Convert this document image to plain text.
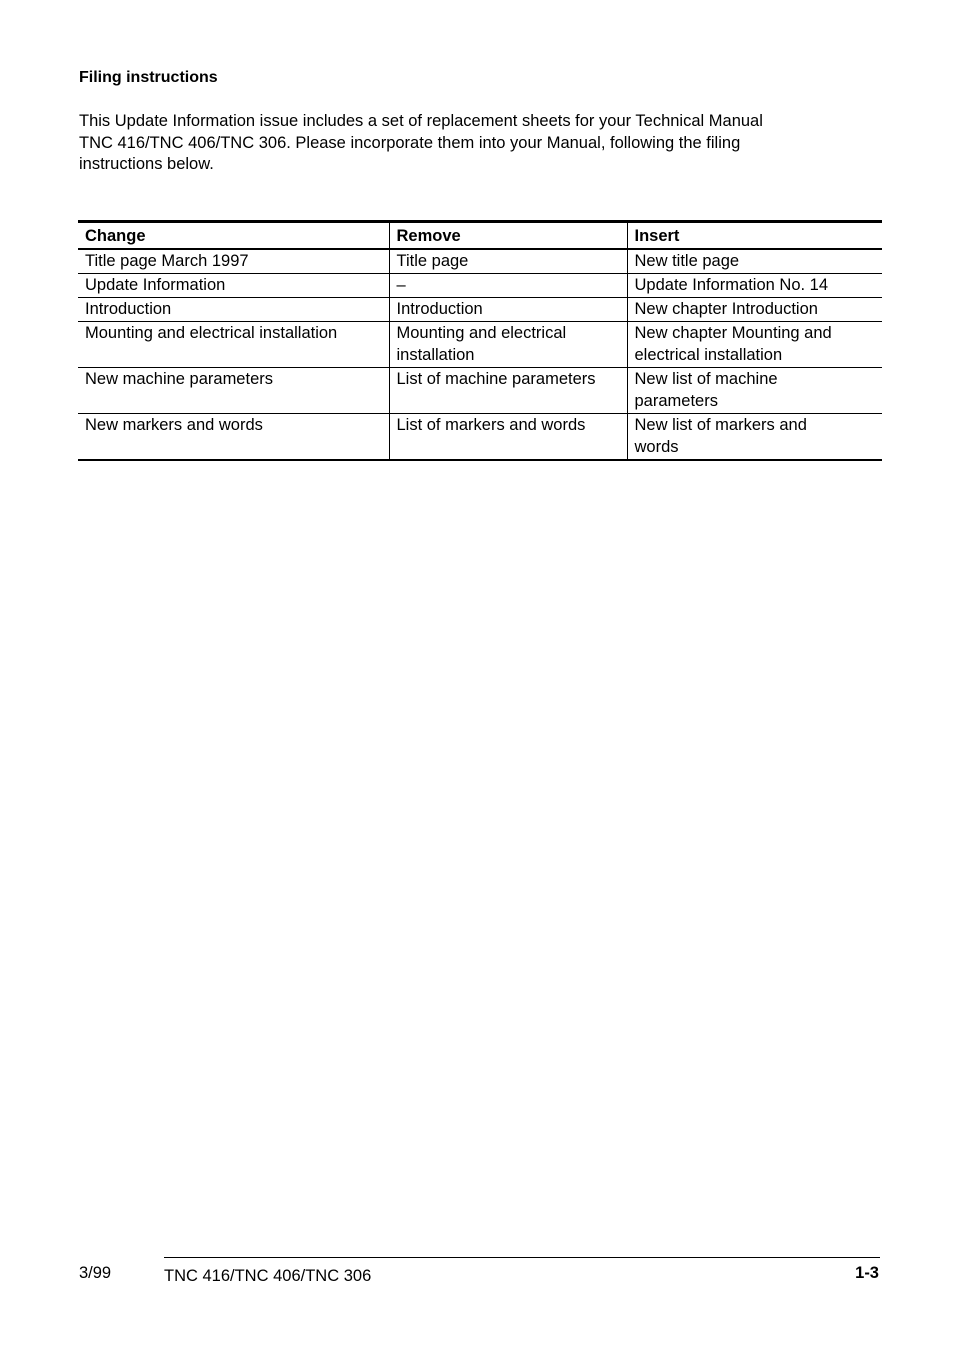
Filing instructions
This Update Information issue includes a set of replacement sheets for your Technical Manual
TNC 416/TNC 406/TNC 306. Please incorporate them into your Manual, following the filing
instructions below.
Change	Remove	Insert

Title page March 1997	Title page	New title page

Update Information	–	Update Information No. 14

Introduction	Introduction	New chapter Introduction

Mounting and electrical installation	Mounting and electrical
installation	New chapter Mounting and
electrical installation

New machine parameters	List of machine parameters	New list of machine
parameters

New markers and words	List of markers and words	New list of markers and
words
3/99	TNC 416/TNC 406/TNC 306	1-3
